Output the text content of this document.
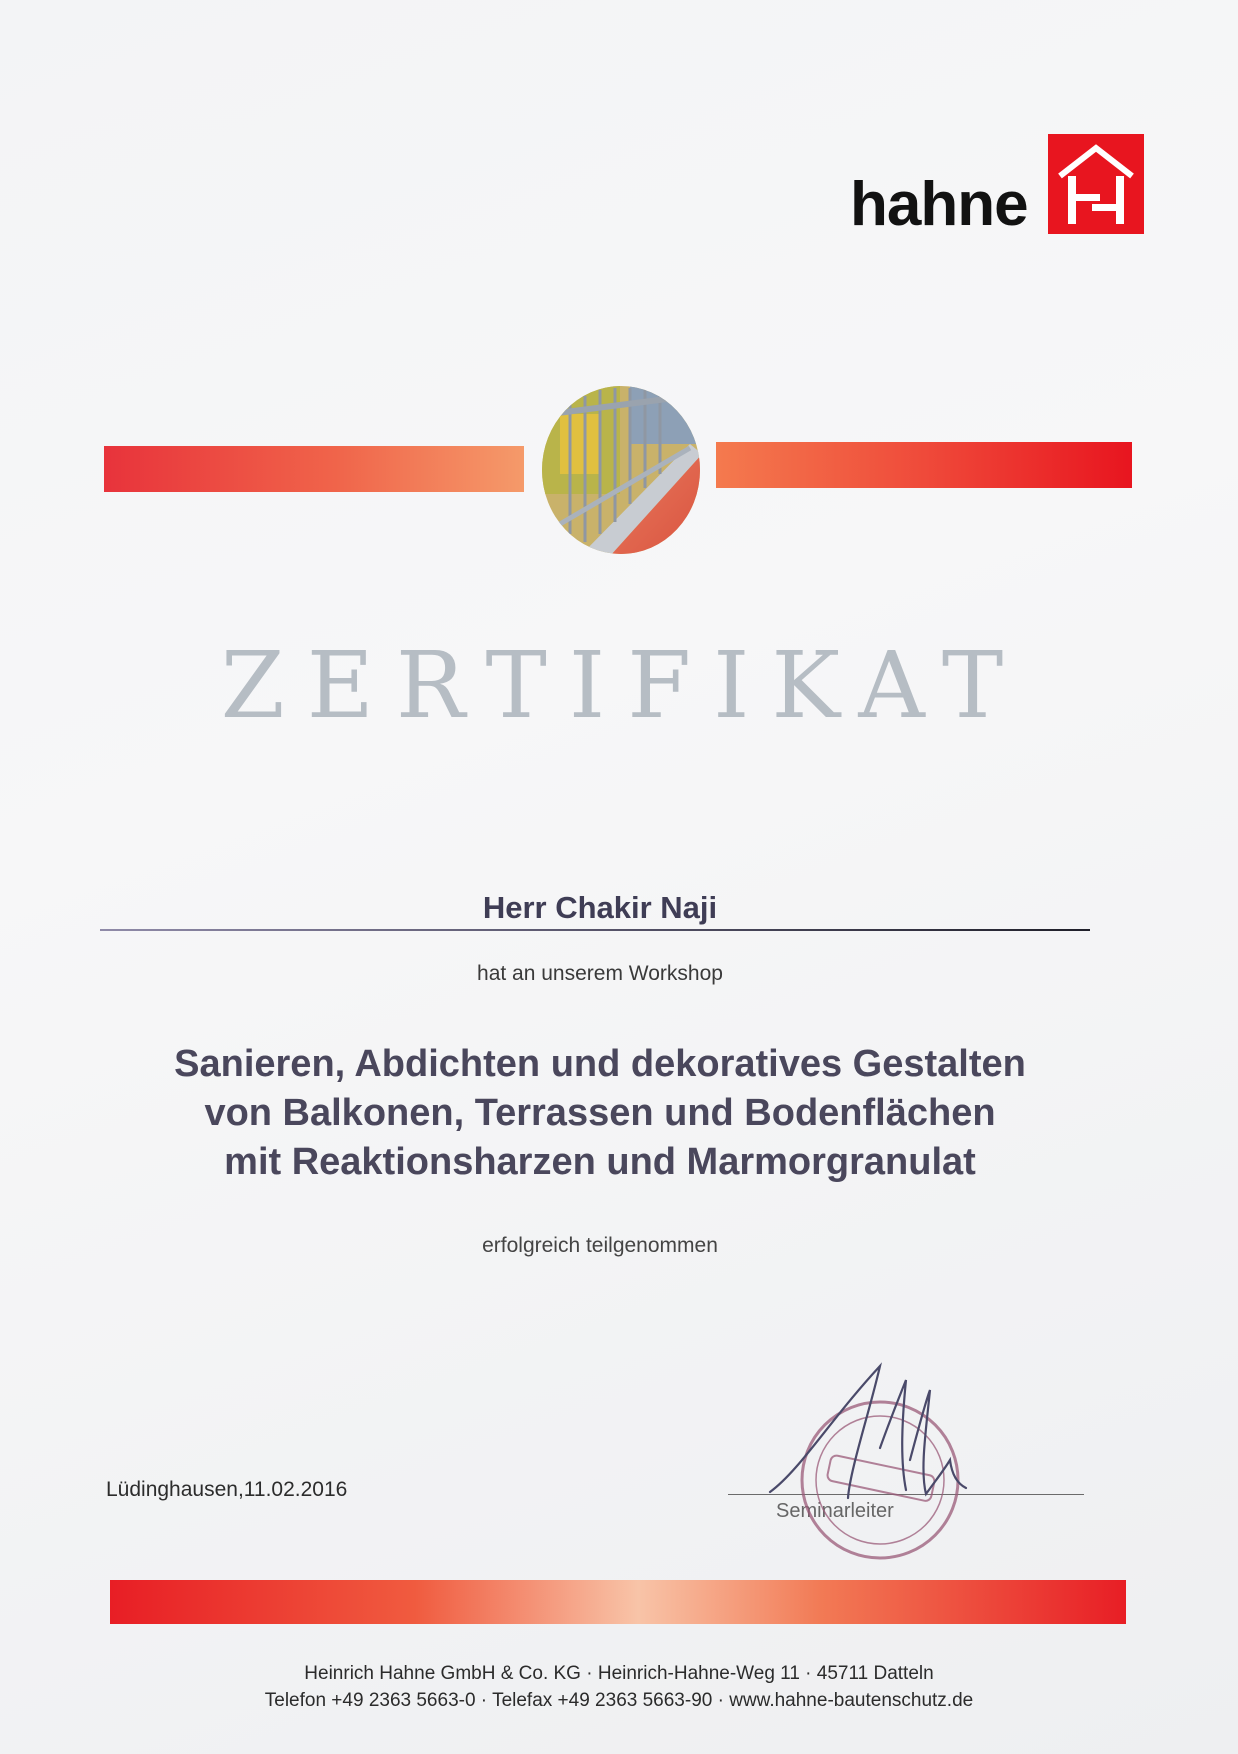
hahne
ZERTIFIKAT
Herr Chakir Naji
hat an unserem Workshop
Sanieren, Abdichten und dekoratives Gestalten
von Balkonen, Terrassen und Bodenflächen
mit Reaktionsharzen und Marmorgranulat
erfolgreich teilgenommen
Lüdinghausen,11.02.2016
Seminarleiter
Heinrich Hahne GmbH & Co. KG · Heinrich-Hahne-Weg 11 · 45711 Datteln
Telefon +49 2363 5663-0 · Telefax +49 2363 5663-90 · www.hahne-bautenschutz.de
